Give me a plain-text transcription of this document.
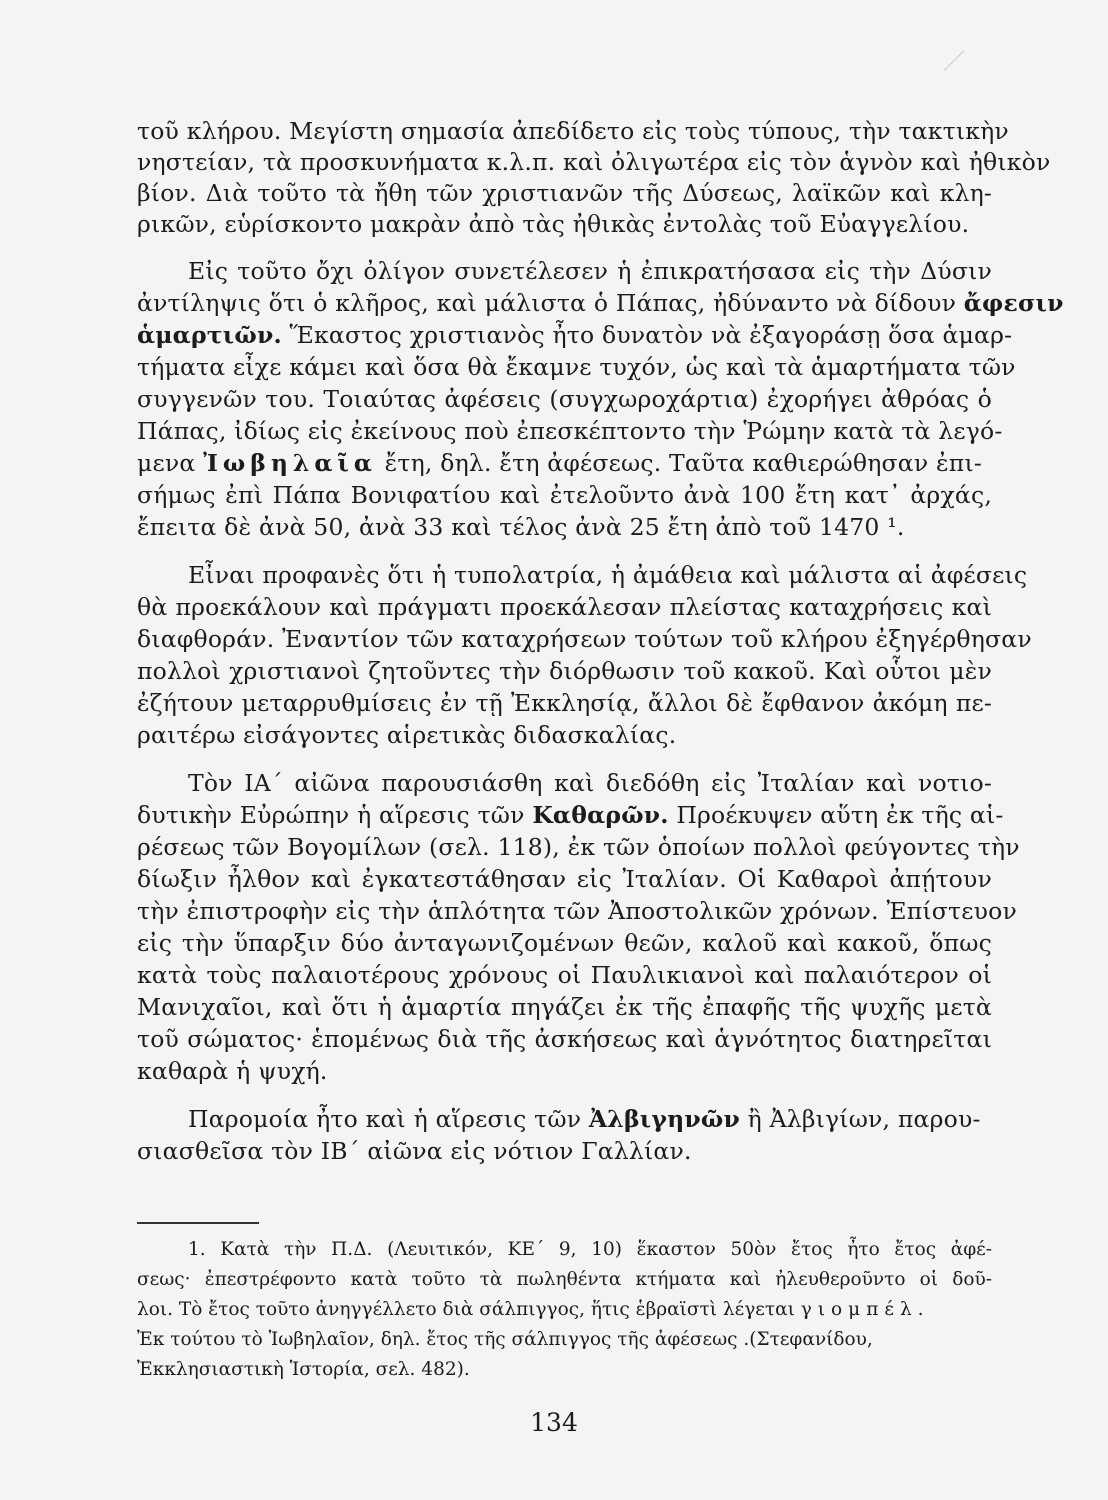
τοῦ κλήρου. Μεγίστη σημασία ἀπεδίδετο εἰς τοὺς τύπους, τὴν τακτικὴν
νηστείαν, τὰ προσκυνήματα κ.λ.π. καὶ ὀλιγωτέρα εἰς τὸν ἁγνὸν καὶ ἠθικὸν
βίον. Διὰ τοῦτο τὰ ἤθη τῶν χριστιανῶν τῆς Δύσεως, λαϊκῶν καὶ κλη-
ρικῶν, εὑρίσκοντο μακρὰν ἀπὸ τὰς ἠθικὰς ἐντολὰς τοῦ Εὐαγγελίου.
Εἰς τοῦτο ὄχι ὀλίγον συνετέλεσεν ἡ ἐπικρατήσασα εἰς τὴν Δύσιν
ἀντίληψις ὅτι ὁ κλῆρος, καὶ μάλιστα ὁ Πάπας, ἠδύναντο νὰ δίδουν ἄφεσιν
ἁμαρτιῶν. Ἕκαστος χριστιανὸς ἦτο δυνατὸν νὰ ἐξαγοράσῃ ὅσα ἁμαρ-
τήματα εἶχε κάμει καὶ ὅσα θὰ ἔκαμνε τυχόν, ὡς καὶ τὰ ἁμαρτήματα τῶν
συγγενῶν του. Τοιαύτας ἀφέσεις (συγχωροχάρτια) ἐχορήγει ἀθρόας ὁ
Πάπας, ἰδίως εἰς ἐκείνους ποὺ ἐπεσκέπτοντο τὴν Ῥώμην κατὰ τὰ λεγό-
μενα Ἰωβηλαῖα ἔτη, δηλ. ἔτη ἀφέσεως. Ταῦτα καθιερώθησαν ἐπι-
σήμως ἐπὶ Πάπα Βονιφατίου καὶ ἐτελοῦντο ἀνὰ 100 ἔτη κατ᾽ ἀρχάς,
ἔπειτα δὲ ἀνὰ 50, ἀνὰ 33 καὶ τέλος ἀνὰ 25 ἔτη ἀπὸ τοῦ 1470 ¹.
Εἶναι προφανὲς ὅτι ἡ τυπολατρία, ἡ ἀμάθεια καὶ μάλιστα αἱ ἀφέσεις
θὰ προεκάλουν καὶ πράγματι προεκάλεσαν πλείστας καταχρήσεις καὶ
διαφθοράν. Ἐναντίον τῶν καταχρήσεων τούτων τοῦ κλήρου ἐξηγέρθησαν
πολλοὶ χριστιανοὶ ζητοῦντες τὴν διόρθωσιν τοῦ κακοῦ. Καὶ οὗτοι μὲν
ἐζήτουν μεταρρυθμίσεις ἐν τῇ Ἐκκλησίᾳ, ἄλλοι δὲ ἔφθανον ἀκόμη πε-
ραιτέρω εἰσάγοντες αἱρετικὰς διδασκαλίας.
Τὸν ΙΑ´ αἰῶνα παρουσιάσθη καὶ διεδόθη εἰς Ἰταλίαν καὶ νοτιο-
δυτικὴν Εὐρώπην ἡ αἵρεσις τῶν Καθαρῶν. Προέκυψεν αὕτη ἐκ τῆς αἱ-
ρέσεως τῶν Βογομίλων (σελ. 118), ἐκ τῶν ὁποίων πολλοὶ φεύγοντες τὴν
δίωξιν ἦλθον καὶ ἐγκατεστάθησαν εἰς Ἰταλίαν. Οἱ Καθαροὶ ἀπῄτουν
τὴν ἐπιστροφὴν εἰς τὴν ἁπλότητα τῶν Ἀποστολικῶν χρόνων. Ἐπίστευον
εἰς τὴν ὕπαρξιν δύο ἀνταγωνιζομένων θεῶν, καλοῦ καὶ κακοῦ, ὅπως
κατὰ τοὺς παλαιοτέρους χρόνους οἱ Παυλικιανοὶ καὶ παλαιότερον οἱ
Μανιχαῖοι, καὶ ὅτι ἡ ἁμαρτία πηγάζει ἐκ τῆς ἐπαφῆς τῆς ψυχῆς μετὰ
τοῦ σώματος· ἑπομένως διὰ τῆς ἀσκήσεως καὶ ἁγνότητος διατηρεῖται
καθαρὰ ἡ ψυχή.
Παρομοία ἦτο καὶ ἡ αἵρεσις τῶν Ἀλβιγηνῶν ἢ Ἀλβιγίων, παρου-
σιασθεῖσα τὸν ΙΒ´ αἰῶνα εἰς νότιον Γαλλίαν.
1. Κατὰ τὴν Π.Δ. (Λευιτικόν, ΚΕ´ 9, 10) ἕκαστον 50ὸν ἔτος ἦτο ἔτος ἀφέ-
σεως· ἐπεστρέφοντο κατὰ τοῦτο τὰ πωληθέντα κτήματα καὶ ἠλευθεροῦντο οἱ δοῦ-
λοι. Τὸ ἔτος τοῦτο ἀνηγγέλλετο διὰ σάλπιγγος, ἥτις ἑβραϊστὶ λέγεται γιομπέλ.
Ἐκ τούτου τὸ Ἰωβηλαῖον, δηλ. ἔτος τῆς σάλπιγγος τῆς ἀφέσεως .(Στεφανίδου,
Ἐκκλησιαστικὴ Ἱστορία, σελ. 482).
134
